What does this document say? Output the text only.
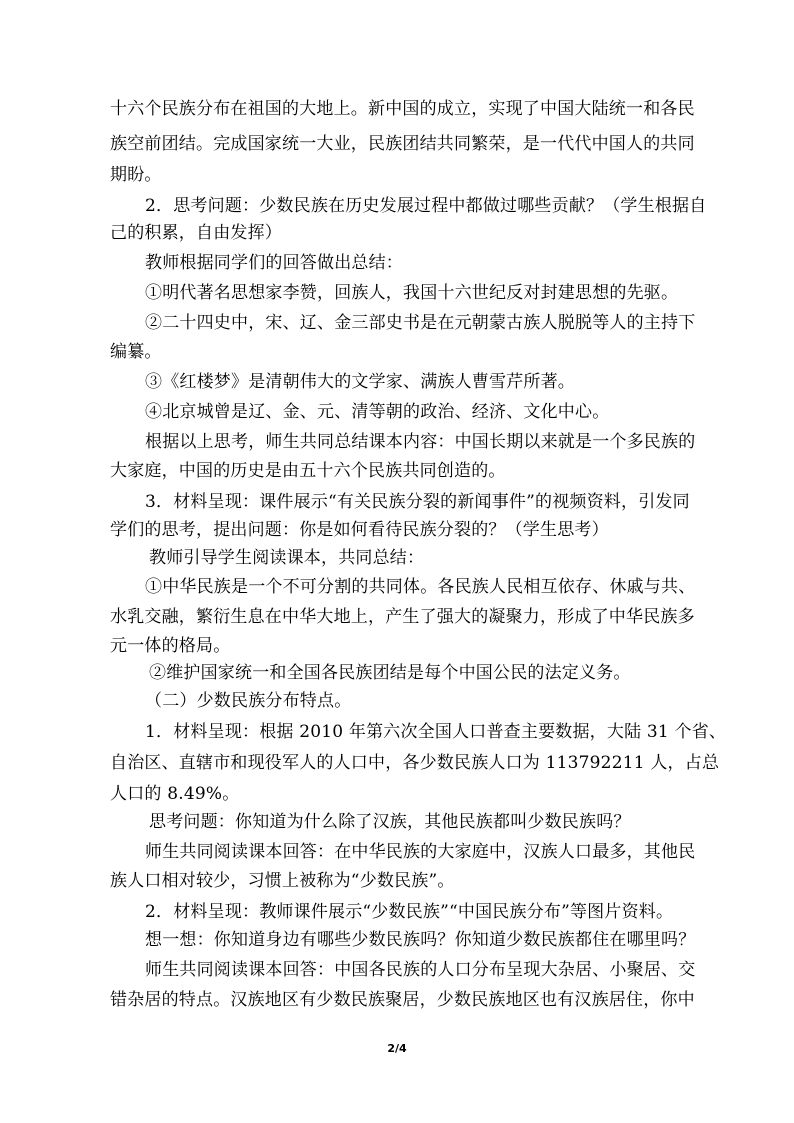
十六个民族分布在祖国的大地上。新中国的成立，实现了中国大陆统一和各民
族空前团结。完成国家统一大业，民族团结共同繁荣，是一代代中国人的共同
期盼。
2．思考问题：少数民族在历史发展过程中都做过哪些贡献？（学生根据自
己的积累，自由发挥）
教师根据同学们的回答做出总结：
①明代著名思想家李赞，回族人，我国十六世纪反对封建思想的先驱。
②二十四史中，宋、辽、金三部史书是在元朝蒙古族人脱脱等人的主持下
编纂。
③《红楼梦》是清朝伟大的文学家、满族人曹雪芹所著。
④北京城曾是辽、金、元、清等朝的政治、经济、文化中心。
根据以上思考，师生共同总结课本内容：中国长期以来就是一个多民族的
大家庭，中国的历史是由五十六个民族共同创造的。
3．材料呈现：课件展示“有关民族分裂的新闻事件”的视频资料，引发同
学们的思考，提出问题：你是如何看待民族分裂的？（学生思考）
教师引导学生阅读课本，共同总结：
①中华民族是一个不可分割的共同体。各民族人民相互依存、休戚与共、
水乳交融，繁衍生息在中华大地上，产生了强大的凝聚力，形成了中华民族多
元一体的格局。
②维护国家统一和全国各民族团结是每个中国公民的法定义务。
（二）少数民族分布特点。
1．材料呈现：根据 2010 年第六次全国人口普查主要数据，大陆 31 个省、
自治区、直辖市和现役军人的人口中，各少数民族人口为 113792211 人，占总
人口的 8.49%。
思考问题：你知道为什么除了汉族，其他民族都叫少数民族吗？
师生共同阅读课本回答：在中华民族的大家庭中，汉族人口最多，其他民
族人口相对较少，习惯上被称为“少数民族”。
2．材料呈现：教师课件展示“少数民族”“中国民族分布”等图片资料。
想一想：你知道身边有哪些少数民族吗？你知道少数民族都住在哪里吗？
师生共同阅读课本回答：中国各民族的人口分布呈现大杂居、小聚居、交
错杂居的特点。汉族地区有少数民族聚居，少数民族地区也有汉族居住，你中
2/4
